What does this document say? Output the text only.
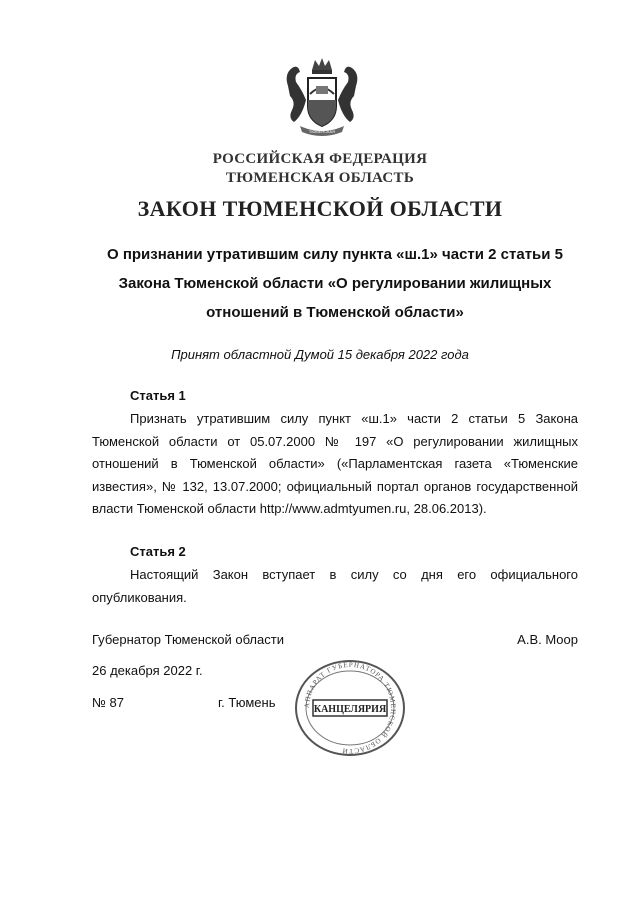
ТЮМЕНСКАЯ
РОССИЙСКАЯ ФЕДЕРАЦИЯ
ТЮМЕНСКАЯ ОБЛАСТЬ
ЗАКОН ТЮМЕНСКОЙ ОБЛАСТИ
О признании утратившим силу пункта «ш.1» части 2 статьи 5 Закона Тюменской области «О регулировании жилищных отношений в Тюменской области»
Принят областной Думой 15 декабря 2022 года
Статья 1
Признать утратившим силу пункт «ш.1» части 2 статьи 5 Закона Тюменской области от 05.07.2000 № 197 «О регулировании жилищных отношений в Тюменской области» («Парламентская газета «Тюменские известия», № 132, 13.07.2000; официальный портал органов государственной власти Тюменской области http://www.admtyumen.ru, 28.06.2013).
Статья 2
Настоящий Закон вступает в силу со дня его официального опубликования.
Губернатор Тюменской области	А.В. Моор
26 декабря 2022 г.
№ 87	г. Тюмень	АППАРАТ ГУБЕРНАТОРА ТЮМЕНСКОЙ ОБЛАСТИ
КАНЦЕЛЯРИЯ
